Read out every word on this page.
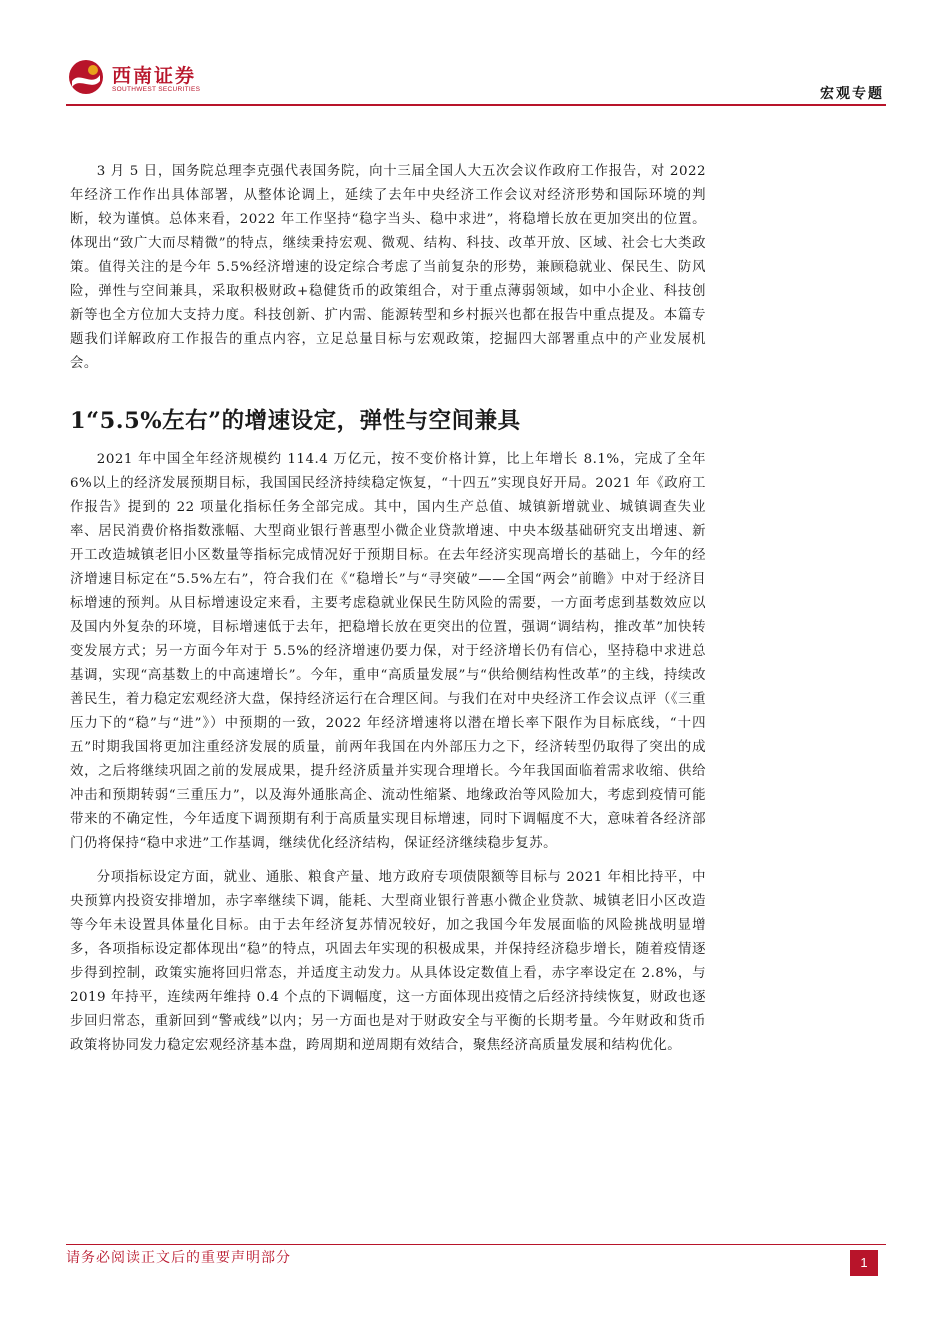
西南证券
SOUTHWEST SECURITIES	宏观专题

3 月 5 日，国务院总理李克强代表国务院，向十三届全国人大五次会议作政府工作报告，对 2022 年经济工作作出具体部署，从整体论调上，延续了去年中央经济工作会议对经济形势和国际环境的判断，较为谨慎。总体来看，2022 年工作坚持“稳字当头、稳中求进”，将稳增长放在更加突出的位置。体现出“致广大而尽精微”的特点，继续秉持宏观、微观、结构、科技、改革开放、区域、社会七大类政策。值得关注的是今年 5.5%经济增速的设定综合考虑了当前复杂的形势，兼顾稳就业、保民生、防风险，弹性与空间兼具，采取积极财政+稳健货币的政策组合，对于重点薄弱领域，如中小企业、科技创新等也全方位加大支持力度。科技创新、扩内需、能源转型和乡村振兴也都在报告中重点提及。本篇专题我们详解政府工作报告的重点内容，立足总量目标与宏观政策，挖掘四大部署重点中的产业发展机会。

1“5.5%左右”的增速设定，弹性与空间兼具

2021 年中国全年经济规模约 114.4 万亿元，按不变价格计算，比上年增长 8.1%，完成了全年 6%以上的经济发展预期目标，我国国民经济持续稳定恢复，“十四五”实现良好开局。2021 年《政府工作报告》提到的 22 项量化指标任务全部完成。其中，国内生产总值、城镇新增就业、城镇调查失业率、居民消费价格指数涨幅、大型商业银行普惠型小微企业贷款增速、中央本级基础研究支出增速、新开工改造城镇老旧小区数量等指标完成情况好于预期目标。在去年经济实现高增长的基础上，今年的经济增速目标定在“5.5%左右”，符合我们在《“稳增长”与“寻突破”——全国“两会”前瞻》中对于经济目标增速的预判。从目标增速设定来看，主要考虑稳就业保民生防风险的需要，一方面考虑到基数效应以及国内外复杂的环境，目标增速低于去年，把稳增长放在更突出的位置，强调“调结构，推改革”加快转变发展方式；另一方面今年对于 5.5%的经济增速仍要力保，对于经济增长仍有信心，坚持稳中求进总基调，实现“高基数上的中高速增长”。今年，重申“高质量发展”与“供给侧结构性改革”的主线，持续改善民生，着力稳定宏观经济大盘，保持经济运行在合理区间。与我们在对中央经济工作会议点评（《三重压力下的“稳”与“进”》）中预期的一致，2022 年经济增速将以潜在增长率下限作为目标底线，“十四五”时期我国将更加注重经济发展的质量，前两年我国在内外部压力之下，经济转型仍取得了突出的成效，之后将继续巩固之前的发展成果，提升经济质量并实现合理增长。今年我国面临着需求收缩、供给冲击和预期转弱“三重压力”，以及海外通胀高企、流动性缩紧、地缘政治等风险加大，考虑到疫情可能带来的不确定性，今年适度下调预期有利于高质量实现目标增速，同时下调幅度不大，意味着各经济部门仍将保持“稳中求进”工作基调，继续优化经济结构，保证经济继续稳步复苏。

分项指标设定方面，就业、通胀、粮食产量、地方政府专项债限额等目标与 2021 年相比持平，中央预算内投资安排增加，赤字率继续下调，能耗、大型商业银行普惠小微企业贷款、城镇老旧小区改造等今年未设置具体量化目标。由于去年经济复苏情况较好，加之我国今年发展面临的风险挑战明显增多，各项指标设定都体现出“稳”的特点，巩固去年实现的积极成果，并保持经济稳步增长，随着疫情逐步得到控制，政策实施将回归常态，并适度主动发力。从具体设定数值上看，赤字率设定在 2.8%，与 2019 年持平，连续两年维持 0.4 个点的下调幅度，这一方面体现出疫情之后经济持续恢复，财政也逐步回归常态，重新回到“警戒线”以内；另一方面也是对于财政安全与平衡的长期考量。今年财政和货币政策将协同发力稳定宏观经济基本盘，跨周期和逆周期有效结合，聚焦经济高质量发展和结构优化。

请务必阅读正文后的重要声明部分	1
